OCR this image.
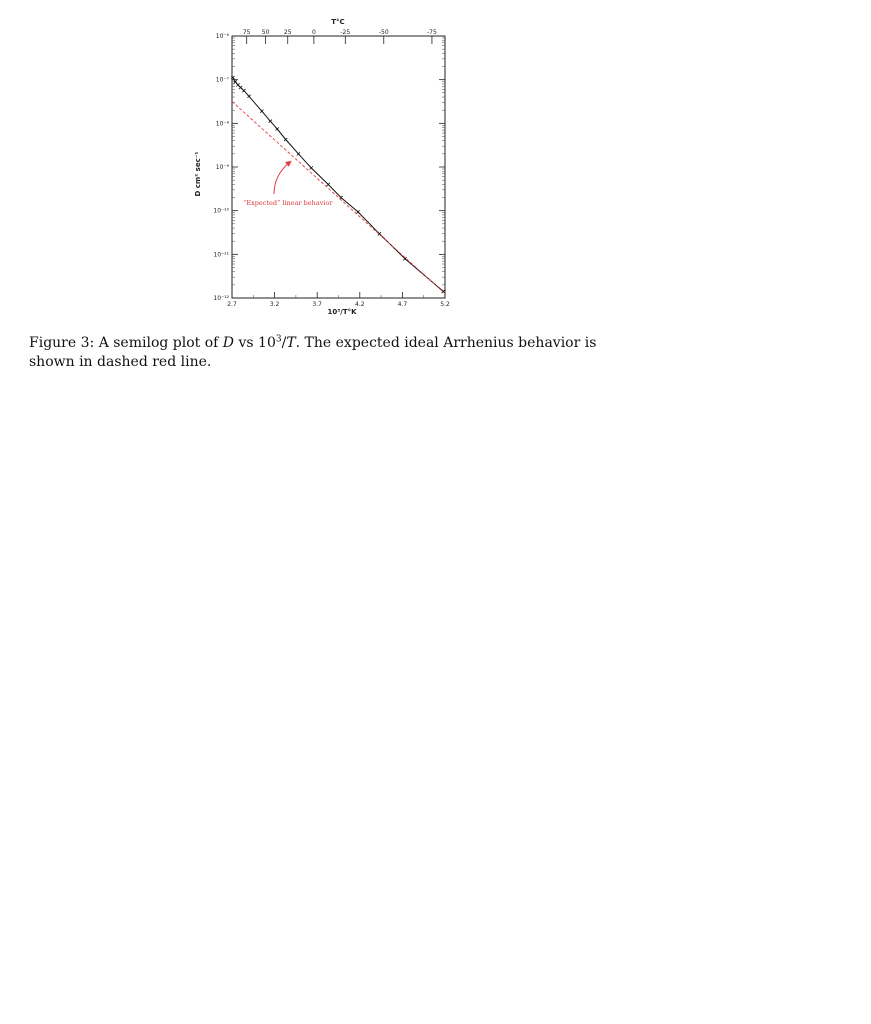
10⁻⁶
10⁻⁷
10⁻⁸
10⁻⁹
10⁻¹⁰
10⁻¹¹
10⁻¹²
2.7	3.2	3.7	4.2	4.7	5.2
75 50 25	0	-25	-50	-75
T°C
10³/T°K
D cm² sec⁻¹
“Expected” linear behavior
Figure 3: A semilog plot of D vs $10^3/T$. The expected ideal Arrhenius behavior is shown in dashed red line.
